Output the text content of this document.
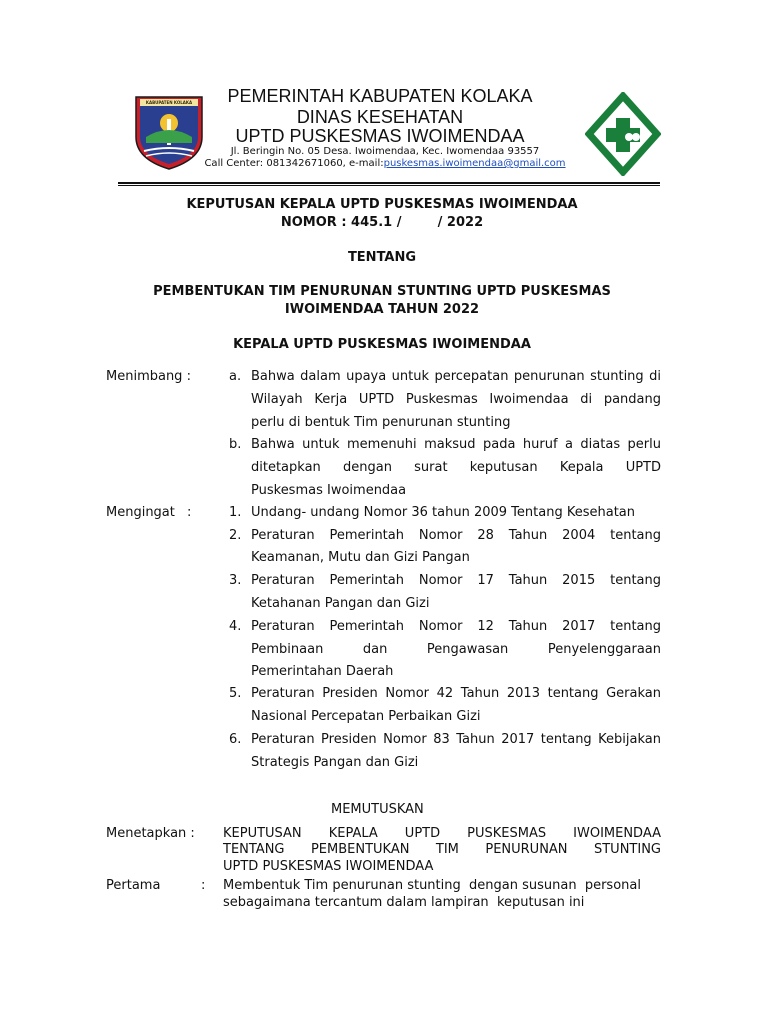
KABUPATEN KOLAKA	PEMERINTAH KABUPATEN KOLAKA
DINAS KESEHATAN
UPTD PUSKESMAS IWOIMENDAA
Jl. Beringin No. 05 Desa. Iwoimendaa, Kec. Iwomendaa 93557
Call Center: 081342671060, e-mail:puskesmas.iwoimendaa@gmail.com
KEPUTUSAN KEPALA UPTD PUSKESMAS IWOIMENDAA
NOMOR : 445.1 /        / 2022
TENTANG
PEMBENTUKAN TIM PENURUNAN STUNTING UPTD PUSKESMAS
IWOIMENDAA TAHUN 2022
KEPALA UPTD PUSKESMAS IWOIMENDAA
Menimbang :	a. Bahwa dalam upaya untuk percepatan penurunan stunting di
Wilayah Kerja UPTD Puskesmas Iwoimendaa di pandang
perlu di bentuk Tim penurunan stunting
b. Bahwa untuk memenuhi maksud pada huruf a diatas perlu
ditetapkan dengan surat keputusan Kepala UPTD
Puskesmas Iwoimendaa
Mengingat :	1. Undang- undang Nomor 36 tahun 2009 Tentang Kesehatan
2. Peraturan Pemerintah Nomor 28 Tahun 2004 tentang
Keamanan, Mutu dan Gizi Pangan
3. Peraturan Pemerintah Nomor 17 Tahun 2015 tentang
Ketahanan Pangan dan Gizi
4. Peraturan Pemerintah Nomor 12 Tahun 2017 tentang
Pembinaan dan Pengawasan Penyelenggaraan
Pemerintahan Daerah
5. Peraturan Presiden Nomor 42 Tahun 2013 tentang Gerakan
Nasional Percepatan Perbaikan Gizi
6. Peraturan Presiden Nomor 83 Tahun 2017 tentang Kebijakan
Strategis Pangan dan Gizi
MEMUTUSKAN
Menetapkan : KEPUTUSAN KEPALA UPTD PUSKESMAS IWOIMENDAA
TENTANG PEMBENTUKAN TIM PENURUNAN STUNTING
UPTD PUSKESMAS IWOIMENDAA
Pertama	: Membentuk Tim penurunan stunting  dengan susunan  personal
sebagaimana tercantum dalam lampiran  keputusan ini
